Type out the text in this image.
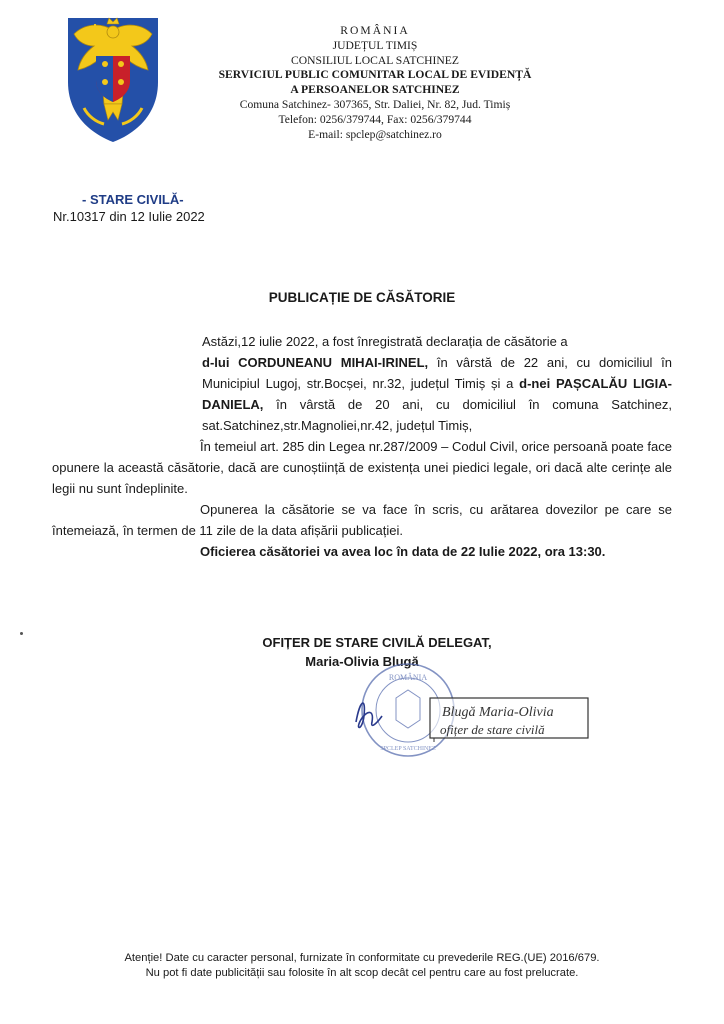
ROMÂNIA
JUDEȚUL TIMIȘ
CONSILIUL LOCAL SATCHINEZ
SERVICIUL PUBLIC COMUNITAR LOCAL DE EVIDENȚĂ
A PERSOANELOR SATCHINEZ
Comuna Satchinez- 307365, Str. Daliei, Nr. 82, Jud. Timiș
Telefon: 0256/379744, Fax: 0256/379744
E-mail: spclep@satchinez.ro
- STARE CIVILĂ-
Nr.10317 din 12 Iulie 2022
PUBLICAȚIE DE CĂSĂTORIE

Astăzi,12 iulie 2022, a fost înregistrată declarația de căsătorie a
d-lui CORDUNEANU MIHAI-IRINEL, în vârstă de 22 ani, cu domiciliul în Municipiul Lugoj, str.Bocșei, nr.32, județul Timiș și a d-nei PAȘCALĂU LIGIA-DANIELA, în vârstă de 20 ani, cu domiciliul în comuna Satchinez, sat.Satchinez,str.Magnoliei,nr.42, județul Timiș,

În temeiul art. 285 din Legea nr.287/2009 – Codul Civil, orice persoană poate face opunere la această căsătorie, dacă are cunoștiință de existența unei piedici legale, ori dacă alte cerințe ale legii nu sunt îndeplinite.

Opunerea la căsătorie se va face în scris, cu arătarea dovezilor pe care se întemeiază, în termen de 11 zile de la data afișării publicației.

Oficierea căsătoriei va avea loc în data de 22 Iulie 2022, ora 13:30.

OFIȚER DE STARE CIVILĂ DELEGAT,
Maria-Olivia Blugă
ROMÂNIA
SPCLEP SATCHINEZ
Blugă Maria-Olivia
ofițer de stare civilă
Atenție! Date cu caracter personal, furnizate în conformitate cu prevederile REG.(UE) 2016/679.
Nu pot fi date publicității sau folosite în alt scop decât cel pentru care au fost prelucrate.
